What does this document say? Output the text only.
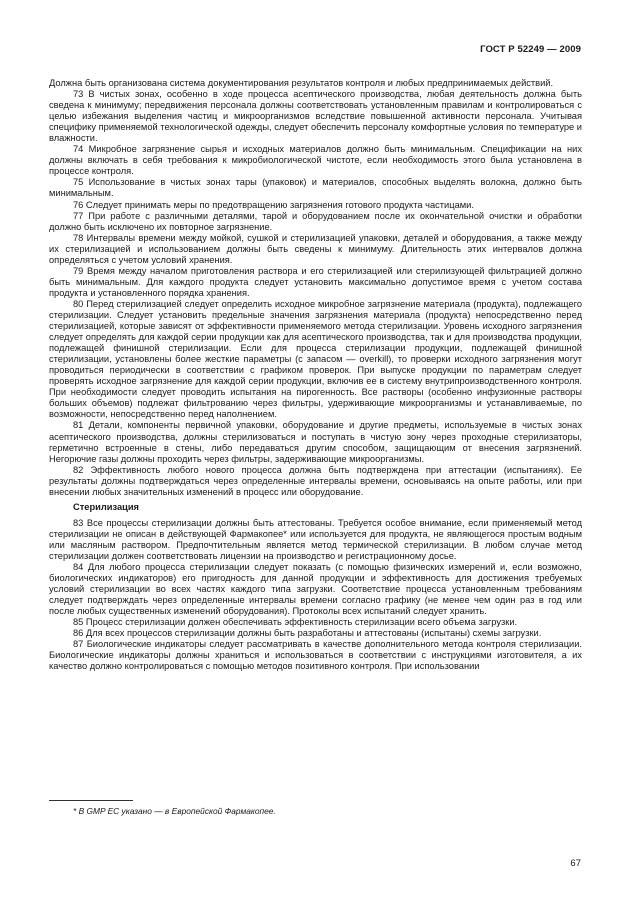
ГОСТ Р 52249 — 2009

Должна быть организована система документирования результатов контроля и любых предпринимаемых действий.

73 В чистых зонах, особенно в ходе процесса асептического производства, любая деятельность должна быть сведена к минимуму; передвижения персонала должны соответствовать установленным правилам и контролироваться с целью избежания выделения частиц и микроорганизмов вследствие повышенной активности персонала. Учитывая специфику применяемой технологической одежды, следует обеспечить персоналу комфортные условия по температуре и влажности.

74 Микробное загрязнение сырья и исходных материалов должно быть минимальным. Спецификации на них должны включать в себя требования к микробиологической чистоте, если необходимость этого была установлена в процессе контроля.

75 Использование в чистых зонах тары (упаковок) и материалов, способных выделять волокна, должно быть минимальным.

76 Следует принимать меры по предотвращению загрязнения готового продукта частицами.

77 При работе с различными деталями, тарой и оборудованием после их окончательной очистки и обработки должно быть исключено их повторное загрязнение.

78 Интервалы времени между мойкой, сушкой и стерилизацией упаковки, деталей и оборудования, а также между их стерилизацией и использованием должны быть сведены к минимуму. Длительность этих интервалов должна определяться с учетом условий хранения.

79 Время между началом приготовления раствора и его стерилизацией или стерилизующей фильтрацией должно быть минимальным. Для каждого продукта следует установить максимально допустимое время с учетом состава продукта и установленного порядка хранения.

80 Перед стерилизацией следует определить исходное микробное загрязнение материала (продукта), подлежащего стерилизации. Следует установить предельные значения загрязнения материала (продукта) непосредственно перед стерилизацией, которые зависят от эффективности применяемого метода стерилизации. Уровень исходного загрязнения следует определять для каждой серии продукции как для асептического производства, так и для производства продукции, подлежащей финишной стерилизации. Если для процесса стерилизации продукции, подлежащей финишной стерилизации, установлены более жесткие параметры (с запасом — overkill), то проверки исходного загрязнения могут проводиться периодически в соответствии с графиком проверок. При выпуске продукции по параметрам следует проверять исходное загрязнение для каждой серии продукции, включив ее в систему внутрипроизводственного контроля. При необходимости следует проводить испытания на пирогенность. Все растворы (особенно инфузионные растворы больших объемов) подлежат фильтрованию через фильтры, удерживающие микроорганизмы и устанавливаемые, по возможности, непосредственно перед наполнением.

81 Детали, компоненты первичной упаковки, оборудование и другие предметы, используемые в чистых зонах асептического производства, должны стерилизоваться и поступать в чистую зону через проходные стерилизаторы, герметично встроенные в стены, либо передаваться другим способом, защищающим от внесения загрязнений. Негорючие газы должны проходить через фильтры, задерживающие микроорганизмы.

82 Эффективность любого нового процесса должна быть подтверждена при аттестации (испытаниях). Ее результаты должны подтверждаться через определенные интервалы времени, основываясь на опыте работы, или при внесении любых значительных изменений в процесс или оборудование.

Стерилизация

83 Все процессы стерилизации должны быть аттестованы. Требуется особое внимание, если применяемый метод стерилизации не описан в действующей Фармакопее* или используется для продукта, не являющегося простым водным или масляным раствором. Предпочтительным является метод термической стерилизации. В любом случае метод стерилизации должен соответствовать лицензии на производство и регистрационному досье.

84 Для любого процесса стерилизации следует показать (с помощью физических измерений и, если возможно, биологических индикаторов) его пригодность для данной продукции и эффективность для достижения требуемых условий стерилизации во всех частях каждого типа загрузки. Соответствие процесса установленным требованиям следует подтверждать через определенные интервалы времени согласно графику (не менее чем один раз в год или после любых существенных изменений оборудования). Протоколы всех испытаний следует хранить.

85 Процесс стерилизации должен обеспечивать эффективность стерилизации всего объема загрузки.

86 Для всех процессов стерилизации должны быть разработаны и аттестованы (испытаны) схемы загрузки.

87 Биологические индикаторы следует рассматривать в качестве дополнительного метода контроля стерилизации. Биологические индикаторы должны храниться и использоваться в соответствии с инструкциями изготовителя, а их качество должно контролироваться с помощью методов позитивного контроля. При использовании

* В GMP ЕС указано — в Европейской Фармакопее.
67
